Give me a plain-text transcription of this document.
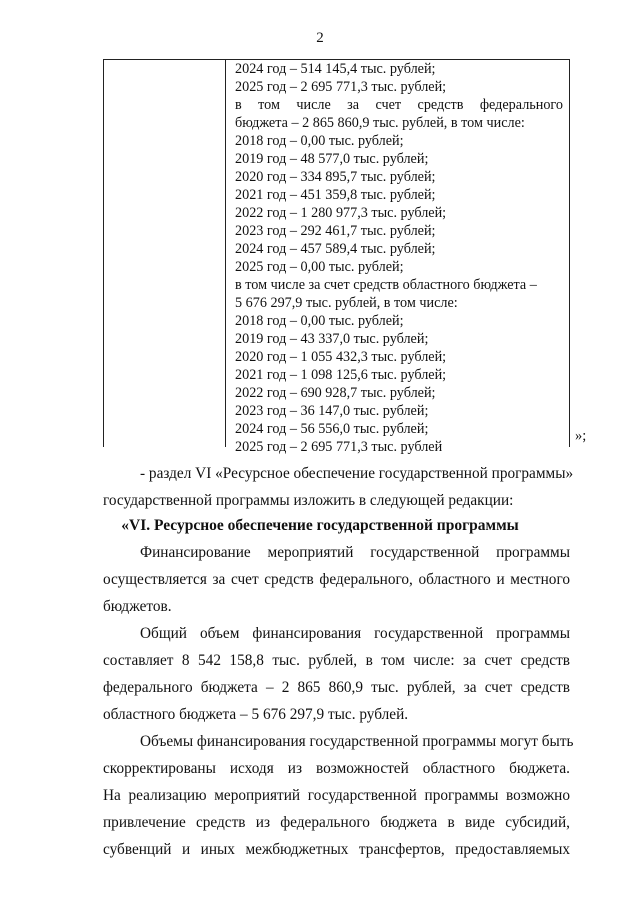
2
2024 год – 514 145,4 тыс. рублей;
2025 год – 2 695 771,3 тыс. рублей;
в том числе за счет средств федерального
бюджета – 2 865 860,9 тыс. рублей, в том числе:
2018 год – 0,00 тыс. рублей;
2019 год – 48 577,0 тыс. рублей;
2020 год – 334 895,7 тыс. рублей;
2021 год – 451 359,8 тыс. рублей;
2022 год – 1 280 977,3 тыс. рублей;
2023 год – 292 461,7 тыс. рублей;
2024 год – 457 589,4 тыс. рублей;
2025 год – 0,00 тыс. рублей;
в том числе за счет средств областного бюджета –
5 676 297,9 тыс. рублей, в том числе:
2018 год – 0,00 тыс. рублей;
2019 год – 43 337,0 тыс. рублей;
2020 год – 1 055 432,3 тыс. рублей;
2021 год – 1 098 125,6 тыс. рублей;
2022 год – 690 928,7 тыс. рублей;
2023 год – 36 147,0 тыс. рублей;
2024 год – 56 556,0 тыс. рублей;
2025 год – 2 695 771,3 тыс. рублей
»;
- раздел VI «Ресурсное обеспечение государственной программы»
государственной программы изложить в следующей редакции:
«VI. Ресурсное обеспечение государственной программы
Финансирование мероприятий государственной программы
осуществляется за счет средств федерального, областного и местного
бюджетов.
Общий объем финансирования государственной программы
составляет 8 542 158,8 тыс. рублей, в том числе: за счет средств
федерального бюджета – 2 865 860,9 тыс. рублей, за счет средств
областного бюджета – 5 676 297,9 тыс. рублей.
Объемы финансирования государственной программы могут быть
скорректированы исходя из возможностей областного бюджета.
На реализацию мероприятий государственной программы возможно
привлечение средств из федерального бюджета в виде субсидий,
субвенций и иных межбюджетных трансфертов, предоставляемых
